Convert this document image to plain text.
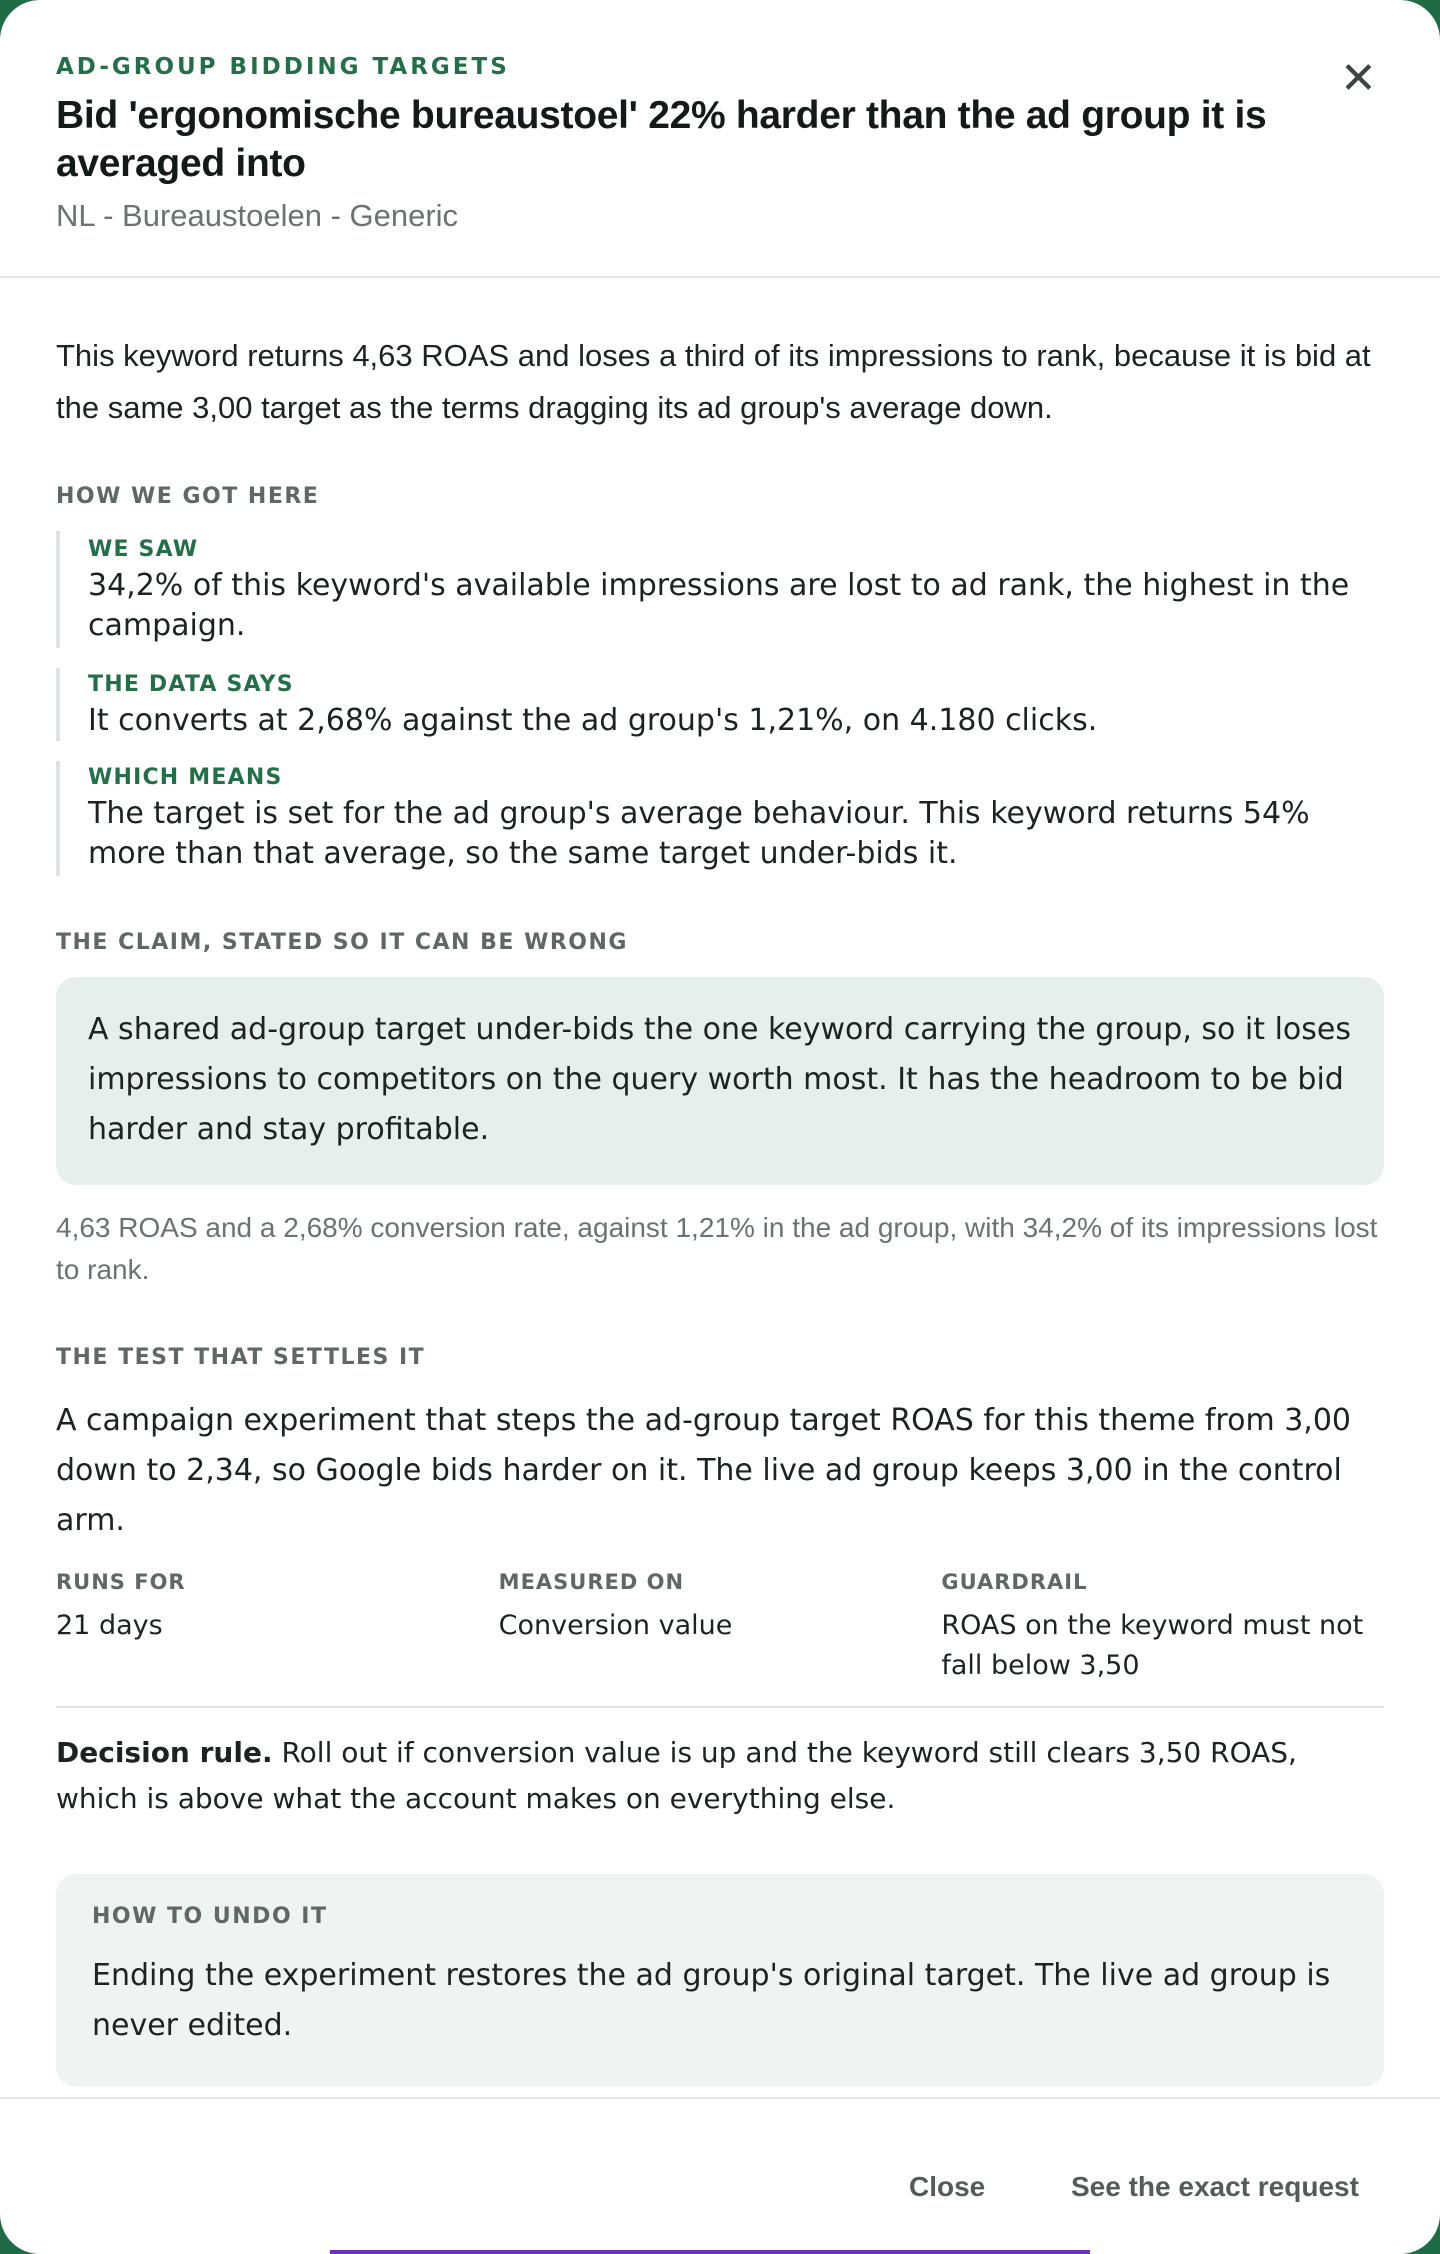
AD-GROUP BIDDING TARGETS
Bid 'ergonomische bureaustoel' 22% harder than the ad group it is averaged into
NL - Bureaustoelen - Generic
✕

This keyword returns 4,63 ROAS and loses a third of its impressions to rank, because it is bid at the same 3,00 target as the terms dragging its ad group's average down.

HOW WE GOT HERE
WE SAW
34,2% of this keyword's available impressions are lost to ad rank, the highest in the campaign.
THE DATA SAYS
It converts at 2,68% against the ad group's 1,21%, on 4.180 clicks.
WHICH MEANS
The target is set for the ad group's average behaviour. This keyword returns 54% more than that average, so the same target under-bids it.
THE CLAIM, STATED SO IT CAN BE WRONG
A shared ad-group target under-bids the one keyword carrying the group, so it loses impressions to competitors on the query worth most. It has the headroom to be bid harder and stay profitable.

4,63 ROAS and a 2,68% conversion rate, against 1,21% in the ad group, with 34,2% of its impressions lost to rank.

THE TEST THAT SETTLES IT

A campaign experiment that steps the ad-group target ROAS for this theme from 3,00 down to 2,34, so Google bids harder on it. The live ad group keeps 3,00 in the control arm.

RUNS FOR
21 days
MEASURED ON
Conversion value
GUARDRAIL
ROAS on the keyword must not fall below 3,50

Decision rule. Roll out if conversion value is up and the keyword still clears 3,50 ROAS, which is above what the account makes on everything else.

HOW TO UNDO IT
Ending the experiment restores the ad group's original target. The live ad group is never edited.
Close	See the exact request
